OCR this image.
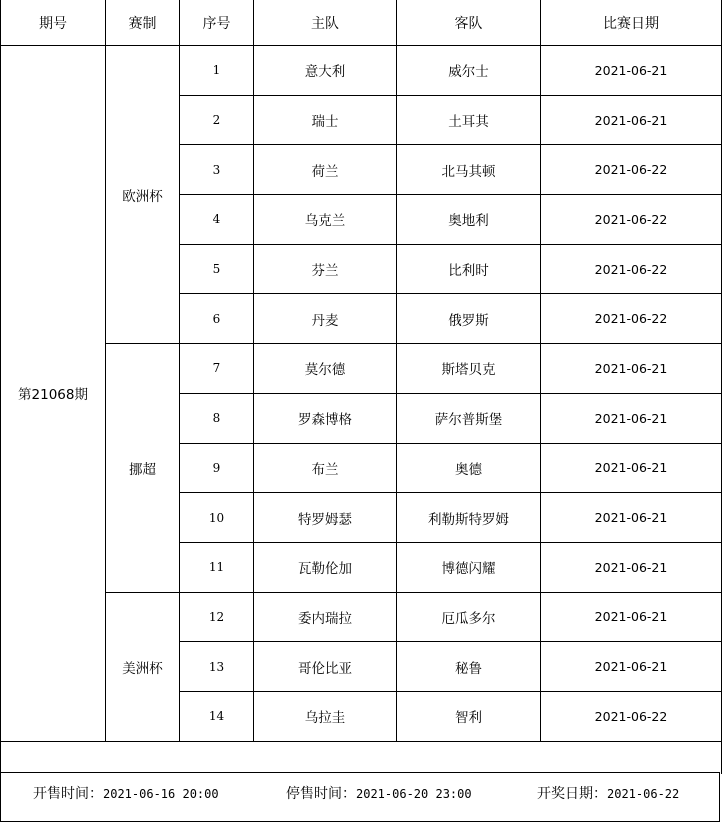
期号	赛制	序号	主队	客队	比赛日期
第21068期	欧洲杯	1	意大利	威尔士	2021-06-21
		2	瑞士	土耳其	2021-06-21
		3	荷兰	北马其顿	2021-06-22
		4	乌克兰	奥地利	2021-06-22
		5	芬兰	比利时	2021-06-22
		6	丹麦	俄罗斯	2021-06-22
	挪超	7	莫尔德	斯塔贝克	2021-06-21
		8	罗森博格	萨尔普斯堡	2021-06-21
		9	布兰	奥德	2021-06-21
		10	特罗姆瑟	利勒斯特罗姆	2021-06-21
		11	瓦勒伦加	博德闪耀	2021-06-21
	美洲杯	12	委内瑞拉	厄瓜多尔	2021-06-21
		13	哥伦比亚	秘鲁	2021-06-21
		14	乌拉圭	智利	2021-06-22

开售时间：2021-06-16 20:00	停售时间：2021-06-20 23:00	开奖日期：2021-06-22
